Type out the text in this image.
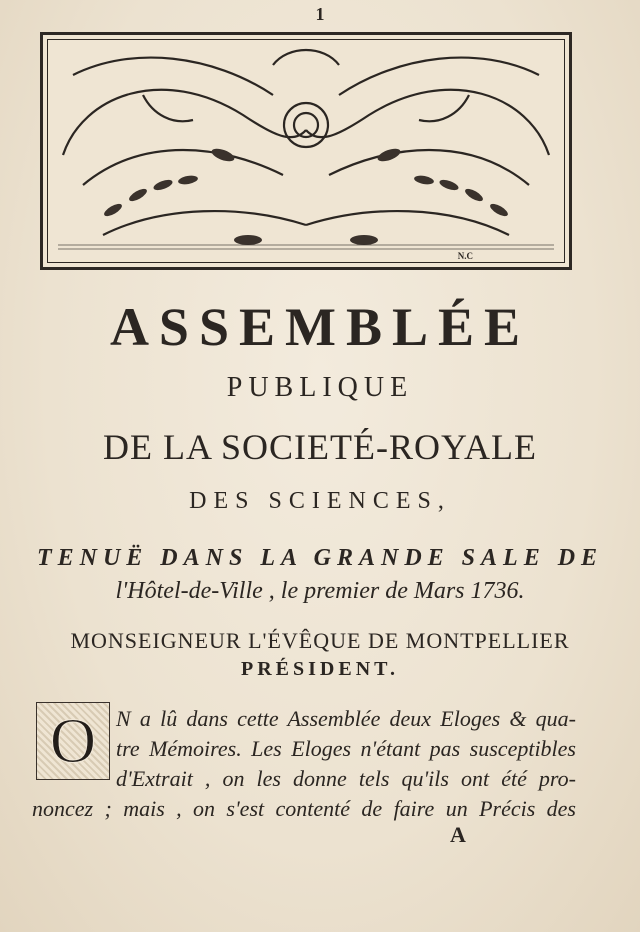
1
N.C
ASSEMBLÉE
PUBLIQUE
DE LA SOCIETÉ-ROYALE
DES SCIENCES,
TENUË DANS LA GRANDE SALE DE
l'Hôtel-de-Ville , le premier de Mars 1736.
MONSEIGNEUR L'ÉVÊQUE DE MONTPELLIER
PRÉSIDENT.
O N a lû dans cette Assemblée deux Eloges & qua-
tre Mémoires. Les Eloges n'étant pas susceptibles
d'Extrait , on les donne tels qu'ils ont été pro-
noncez ; mais , on s'est contenté de faire un Précis des
A
